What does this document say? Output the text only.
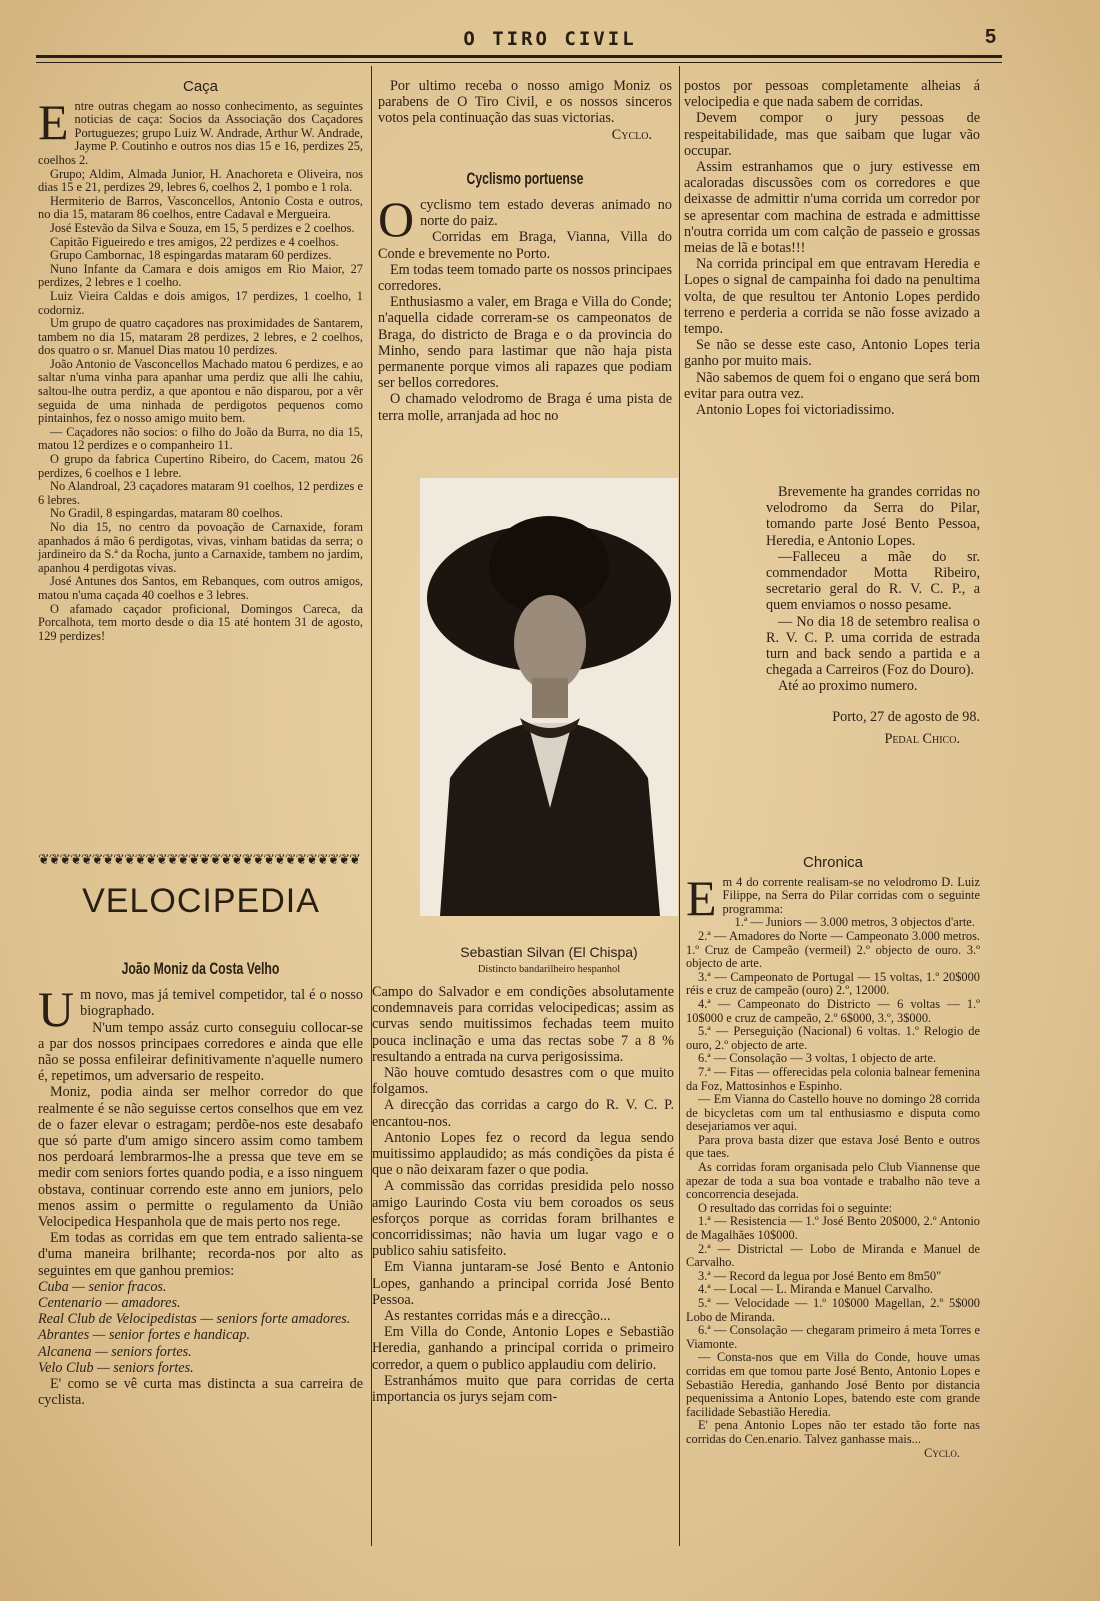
O TIRO CIVIL	5
Caça

Entre outras chegam ao nosso conhecimento, as seguintes noticias de caça: Socios da Associação dos Caçadores Portuguezes; grupo Luiz W. Andrade, Arthur W. Andrade, Jayme P. Coutinho e outros nos dias 15 e 16, perdizes 25, coelhos 2.

Grupo; Aldim, Almada Junior, H. Anachoreta e Oliveira, nos dias 15 e 21, perdizes 29, lebres 6, coelhos 2, 1 pombo e 1 rola.

Hermiterio de Barros, Vasconcellos, Antonio Costa e outros, no dia 15, mataram 86 coelhos, entre Cadaval e Mergueira.

José Estevão da Silva e Souza, em 15, 5 perdizes e 2 coelhos.

Capitão Figueiredo e tres amigos, 22 perdizes e 4 coelhos.

Grupo Cambornac, 18 espingardas mataram 60 perdizes.

Nuno Infante da Camara e dois amigos em Rio Maior, 27 perdizes, 2 lebres e 1 coelho.

Luiz Vieira Caldas e dois amigos, 17 perdizes, 1 coelho, 1 codorniz.

Um grupo de quatro caçadores nas proximidades de Santarem, tambem no dia 15, mataram 28 perdizes, 2 lebres, e 2 coelhos, dos quatro o sr. Manuel Dias matou 10 perdizes.

João Antonio de Vasconcellos Machado matou 6 perdizes, e ao saltar n'uma vinha para apanhar uma perdiz que alli lhe cahiu, saltou-lhe outra perdiz, a que apontou e não disparou, por a vêr seguida de uma ninhada de perdigotos pequenos como pintainhos, fez o nosso amigo muito bem.

— Caçadores não socios: o filho do João da Burra, no dia 15, matou 12 perdizes e o companheiro 11.

O grupo da fabrica Cupertino Ribeiro, do Cacem, matou 26 perdizes, 6 coelhos e 1 lebre.

No Alandroal, 23 caçadores mataram 91 coelhos, 12 perdizes e 6 lebres.

No Gradil, 8 espingardas, mataram 80 coelhos.

No dia 15, no centro da povoação de Carnaxide, foram apanhados á mão 6 perdigotas, vivas, vinham batidas da serra; o jardineiro da S.ª da Rocha, junto a Carnaxide, tambem no jardim, apanhou 4 perdigotas vivas.

José Antunes dos Santos, em Rebanques, com outros amigos, matou n'uma caçada 40 coelhos e 3 lebres.

O afamado caçador proficional, Domingos Careca, da Porcalhota, tem morto desde o dia 15 até hontem 31 de agosto, 129 perdizes!

❦❦❦❦❦❦❦❦❦❦❦❦❦❦❦❦❦❦❦❦❦❦❦❦❦❦❦❦❦❦
VELOCIPEDIA
João Moniz da Costa Velho

Um novo, mas já temivel competidor, tal é o nosso biographado.

N'um tempo assáz curto conseguiu collocar-se a par dos nossos principaes corredores e ainda que elle não se possa enfileirar definitivamente n'aquelle numero é, repetimos, um adversario de respeito.

Moniz, podia ainda ser melhor corredor do que realmente é se não seguisse certos conselhos que em vez de o fazer elevar o estragam; perdõe-nos este desabafo que só parte d'um amigo sincero assim como tambem nos perdoará lembrarmos-lhe a pressa que teve em se medir com seniors fortes quando podia, e a isso ninguem obstava, continuar correndo este anno em juniors, pelo menos assim o permitte o regulamento da União Velocipedica Hespanhola que de mais perto nos rege.

Em todas as corridas em que tem entrado salienta-se d'uma maneira brilhante; recorda-nos por alto as seguintes em que ganhou premios:

Cuba — senior fracos.

Centenario — amadores.

Real Club de Velocipedistas — seniors forte amadores.

Abrantes — senior fortes e handicap.

Alcanena — seniors fortes.

Velo Club — seniors fortes.

E' como se vê curta mas distincta a sua carreira de cyclista.

Por ultimo receba o nosso amigo Moniz os parabens de O Tiro Civil, e os nossos sinceros votos pela continuação das suas victorias.

Cyclo.
Cyclismo portuense

O cyclismo tem estado deveras animado no norte do paiz.

Corridas em Braga, Vianna, Villa do Conde e brevemente no Porto.

Em todas teem tomado parte os nossos principaes corredores.

Enthusiasmo a valer, em Braga e Villa do Conde; n'aquella cidade correram-se os campeonatos de Braga, do districto de Braga e o da provincia do Minho, sendo para lastimar que não haja pista permanente porque vimos ali rapazes que podiam ser bellos corredores.

O chamado velodromo de Braga é uma pista de terra molle, arranjada ad hoc no

Sebastian Silvan (El Chispa)
Distincto bandarilheiro hespanhol

Campo do Salvador e em condições absolutamente condemnaveis para corridas velocipedicas; assim as curvas sendo muitissimos fechadas teem muito pouca inclinação e uma das rectas sobe 7 a 8 % resultando a entrada na curva perigosissima.

Não houve comtudo desastres com o que muito folgamos.

A direcção das corridas a cargo do R. V. C. P. encantou-nos.

Antonio Lopes fez o record da legua sendo muitissimo applaudido; as más condições da pista é que o não deixaram fazer o que podia.

A commissão das corridas presidida pelo nosso amigo Laurindo Costa viu bem coroados os seus esforços porque as corridas foram brilhantes e concorridissimas; não havia um lugar vago e o publico sahiu satisfeito.

Em Vianna juntaram-se José Bento e Antonio Lopes, ganhando a principal corrida José Bento Pessoa.

As restantes corridas más e a direcção...

Em Villa do Conde, Antonio Lopes e Sebastião Heredia, ganhando a principal corrida o primeiro corredor, a quem o publico applaudiu com delirio.

Estranhámos muito que para corridas de certa importancia os jurys sejam com-

postos por pessoas completamente alheias á velocipedia e que nada sabem de corridas.

Devem compor o jury pessoas de respeitabilidade, mas que saibam que lugar vão occupar.

Assim estranhamos que o jury estivesse em acaloradas discussões com os corredores e que deixasse de admittir n'uma corrida um corredor por se apresentar com machina de estrada e admittisse n'outra corrida um com calção de passeio e grossas meias de lã e botas!!!

Na corrida principal em que entravam Heredia e Lopes o signal de campainha foi dado na penultima volta, de que resultou ter Antonio Lopes perdido terreno e perderia a corrida se não fosse avizado a tempo.

Se não se desse este caso, Antonio Lopes teria ganho por muito mais.

Não sabemos de quem foi o engano que será bom evitar para outra vez.

Antonio Lopes foi victoriadissimo.

Brevemente ha grandes corridas no velodromo da Serra do Pilar, tomando parte José Bento Pessoa, Heredia, e Antonio Lopes.

—Falleceu a mãe do sr. commendador Motta Ribeiro, secretario geral do R. V. C. P., a quem enviamos o nosso pesame.

— No dia 18 de setembro realisa o R. V. C. P. uma corrida de estrada turn and back sendo a partida e a chegada a Carreiros (Foz do Douro).

Até ao proximo numero.

Porto, 27 de agosto de 98.
Pedal Chico.
Chronica

Em 4 do corrente realisam-se no velodromo D. Luiz Filippe, na Serra do Pilar corridas com o seguinte programma:

1.ª — Juniors — 3.000 metros, 3 objectos d'arte.

2.ª — Amadores do Norte — Campeonato 3.000 metros. 1.º Cruz de Campeão (vermeil) 2.º objecto de ouro. 3.º objecto de arte.

3.ª — Campeonato de Portugal — 15 voltas, 1.º 20$000 réis e cruz de campeão (ouro) 2.º, 12000.

4.ª — Campeonato do Districto — 6 voltas — 1.º 10$000 e cruz de campeão, 2.º 6$000, 3.º, 3$000.

5.ª — Perseguição (Nacional) 6 voltas. 1.º Relogio de ouro, 2.º objecto de arte.

6.ª — Consolação — 3 voltas, 1 objecto de arte.

7.ª — Fitas — offerecidas pela colonia balnear femenina da Foz, Mattosinhos e Espinho.

— Em Vianna do Castello houve no domingo 28 corrida de bicycletas com um tal enthusiasmo e disputa como desejariamos ver aqui.

Para prova basta dizer que estava José Bento e outros que taes.

As corridas foram organisada pelo Club Viannense que apezar de toda a sua boa vontade e trabalho não teve a concorrencia desejada.

O resultado das corridas foi o seguinte:

1.ª — Resistencia — 1.º José Bento 20$000, 2.º Antonio de Magalhães 10$000.

2.ª — Districtal — Lobo de Miranda e Manuel de Carvalho.

3.ª — Record da legua por José Bento em 8m50"

4.ª — Local — L. Miranda e Manuel Carvalho.

5.ª — Velocidade — 1.º 10$000 Magellan, 2.º 5$000 Lobo de Miranda.

6.ª — Consolação — chegaram primeiro á meta Torres e Viamonte.

— Consta-nos que em Villa do Conde, houve umas corridas em que tomou parte José Bento, Antonio Lopes e Sebastião Heredia, ganhando José Bento por distancia pequenissima a Antonio Lopes, batendo este com grande facilidade Sebastião Heredia.

E' pena Antonio Lopes não ter estado tão forte nas corridas do Cen.enario. Talvez ganhasse mais...

Cyclo.
